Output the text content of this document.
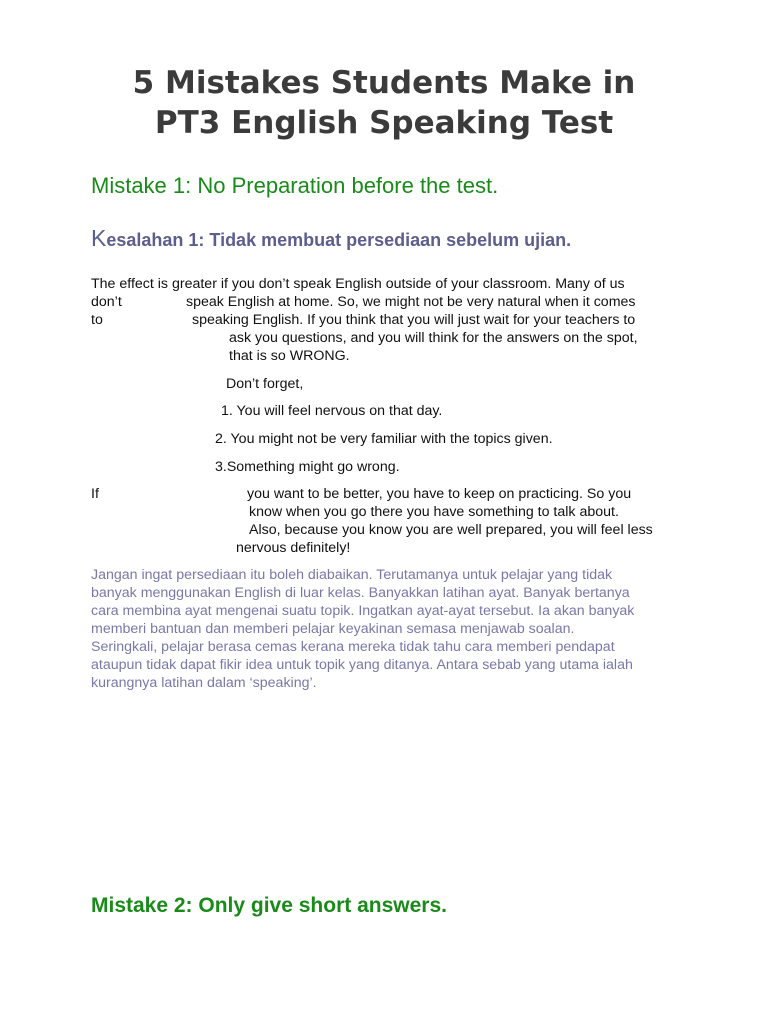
5 Mistakes Students Make in
PT3 English Speaking Test
Mistake 1: No Preparation before the test.
Kesalahan 1: Tidak membuat persediaan sebelum ujian.
The effect is greater if you don’t speak English outside of your classroom. Many of us
don’t	speak English at home. So, we might not be very natural when it comes
to	speaking English. If you think that you will just wait for your teachers to
ask you questions, and you will think for the answers on the spot,
that is so WRONG.
Don’t forget,
1. You will feel nervous on that day.
2. You might not be very familiar with the topics given.
3.Something might go wrong.
If	you want to be better, you have to keep on practicing. So you
know when you go there you have something to talk about.
Also, because you know you are well prepared, you will feel less
nervous definitely!
Jangan ingat persediaan itu boleh diabaikan. Terutamanya untuk pelajar yang tidak
banyak menggunakan English di luar kelas. Banyakkan latihan ayat. Banyak bertanya
cara membina ayat mengenai suatu topik. Ingatkan ayat-ayat tersebut. Ia akan banyak
memberi bantuan dan memberi pelajar keyakinan semasa menjawab soalan.
Seringkali, pelajar berasa cemas kerana mereka tidak tahu cara memberi pendapat
ataupun tidak dapat fikir idea untuk topik yang ditanya. Antara sebab yang utama ialah
kurangnya latihan dalam ‘speaking’.
Mistake 2: Only give short answers.
